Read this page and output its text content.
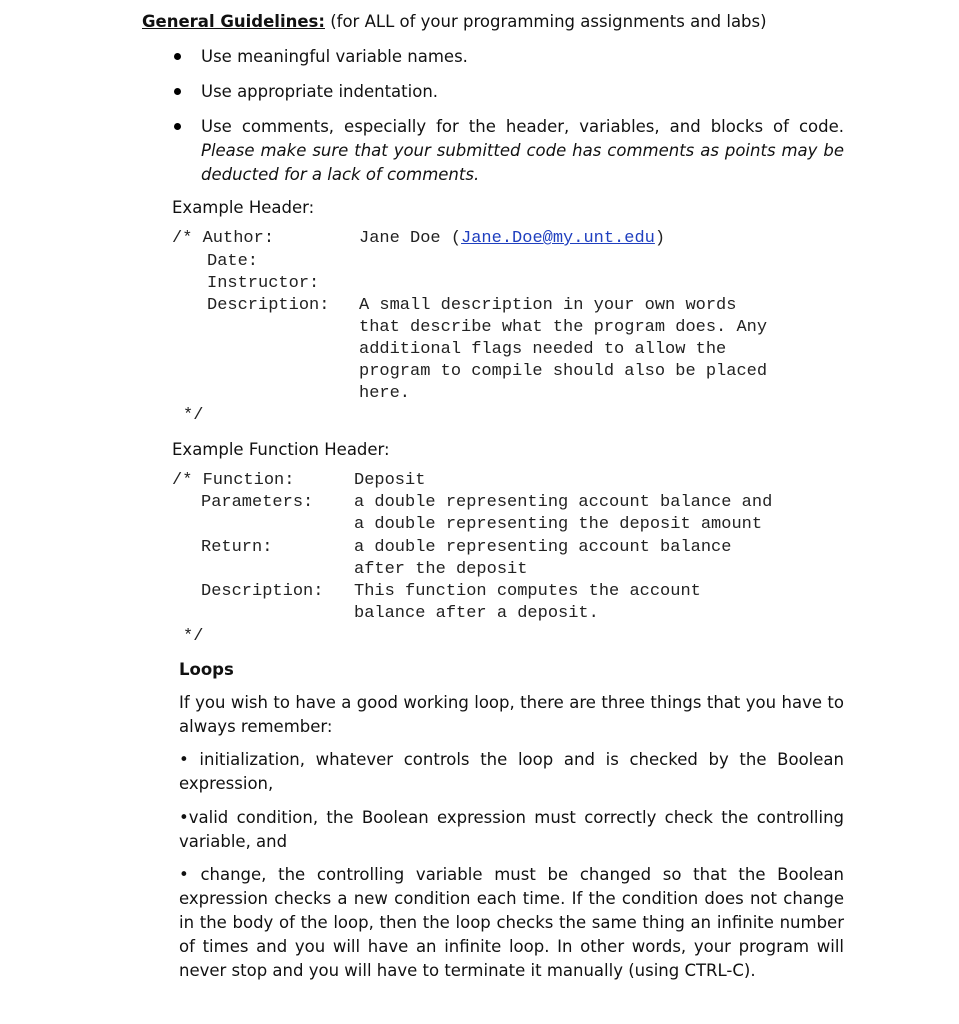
General Guidelines: (for ALL of your programming assignments and labs)
Use meaningful variable names.
Use appropriate indentation.
Use comments, especially for the header, variables, and blocks of code. Please make sure that your submitted code has comments as points may be deducted for a lack of comments.
Example Header:
/* Author:	Jane Doe (Jane.Doe@my.unt.edu)
Date:
Instructor:
Description: A small description in your own words
that describe what the program does. Any
additional flags needed to allow the
program to compile should also be placed
here.
*/
Example Function Header:
/* Function:	Deposit
Parameters: a double representing account balance and
a double representing the deposit amount
Return:	a double representing account balance
after the deposit
Description: This function computes the account
balance after a deposit.
*/
Loops
If you wish to have a good working loop, there are three things that you have to always remember:
• initialization, whatever controls the loop and is checked by the Boolean expression,
•valid condition, the Boolean expression must correctly check the controlling variable, and
• change, the controlling variable must be changed so that the Boolean expression checks a new condition each time. If the condition does not change in the body of the loop, then the loop checks the same thing an infinite number of times and you will have an infinite loop. In other words, your program will never stop and you will have to terminate it manually (using CTRL-C).
